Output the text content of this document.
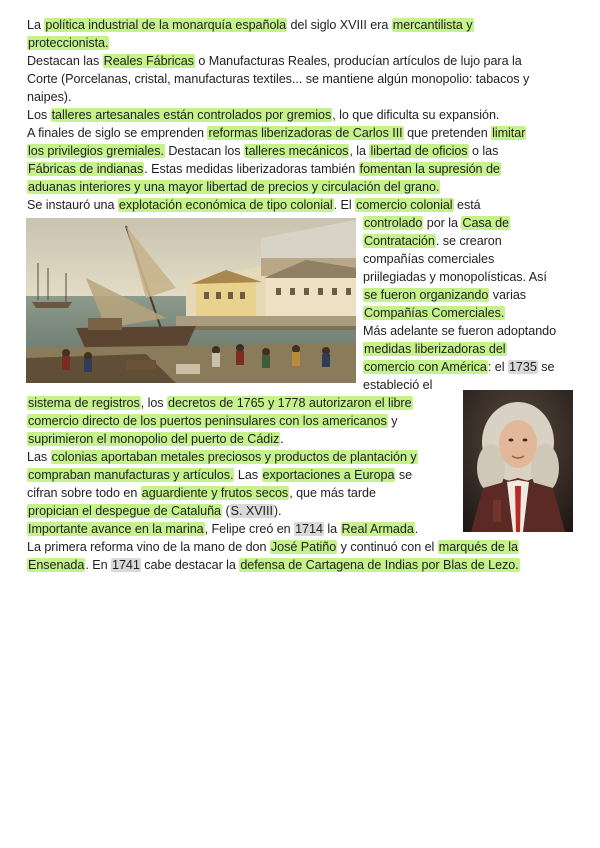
La política industrial de la monarquía española del siglo XVIII era mercantilista y
proteccionista.
Destacan las Reales Fábricas o Manufacturas Reales, producían artículos de lujo para la
Corte (Porcelanas, cristal, manufacturas textiles... se mantiene algún monopolio: tabacos y
naipes).
Los talleres artesanales están controlados por gremios, lo que dificulta su expansión.
A finales de siglo se emprenden reformas liberizadoras de Carlos III que pretenden limitar
los privilegios gremiales. Destacan los talleres mecánicos, la libertad de oficios o las
Fábricas de indianas. Estas medidas liberizadoras también fomentan la supresión de
aduanas interiores y una mayor libertad de precios y circulación del grano.
Se instauró una explotación económica de tipo colonial. El comercio colonial está
controlado por la Casa de
Contratación. se crearon
compañías comerciales
priilegiadas y monopolísticas. Así
se fueron organizando varias
Compañías Comerciales.
Más adelante se fueron adoptando
medidas liberizadoras del
comercio con América: el 1735 se
estableció el
sistema de registros, los decretos de 1765 y 1778 autorizaron el libre
comercio directo de los puertos peninsulares con los americanos y
suprimieron el monopolio del puerto de Cádiz.
Las colonias aportaban metales preciosos y productos de plantación y
compraban manufacturas y artículos. Las exportaciones a Europa se
cifran sobre todo en aguardiente y frutos secos, que más tarde
propician el despegue de Cataluña (S. XVIII).
Importante avance en la marina, Felipe creó en 1714 la Real Armada.
La primera reforma vino de la mano de don José Patiño y continuó con el marqués de la
Ensenada. En 1741 cabe destacar la defensa de Cartagena de Indias por Blas de Lezo.
